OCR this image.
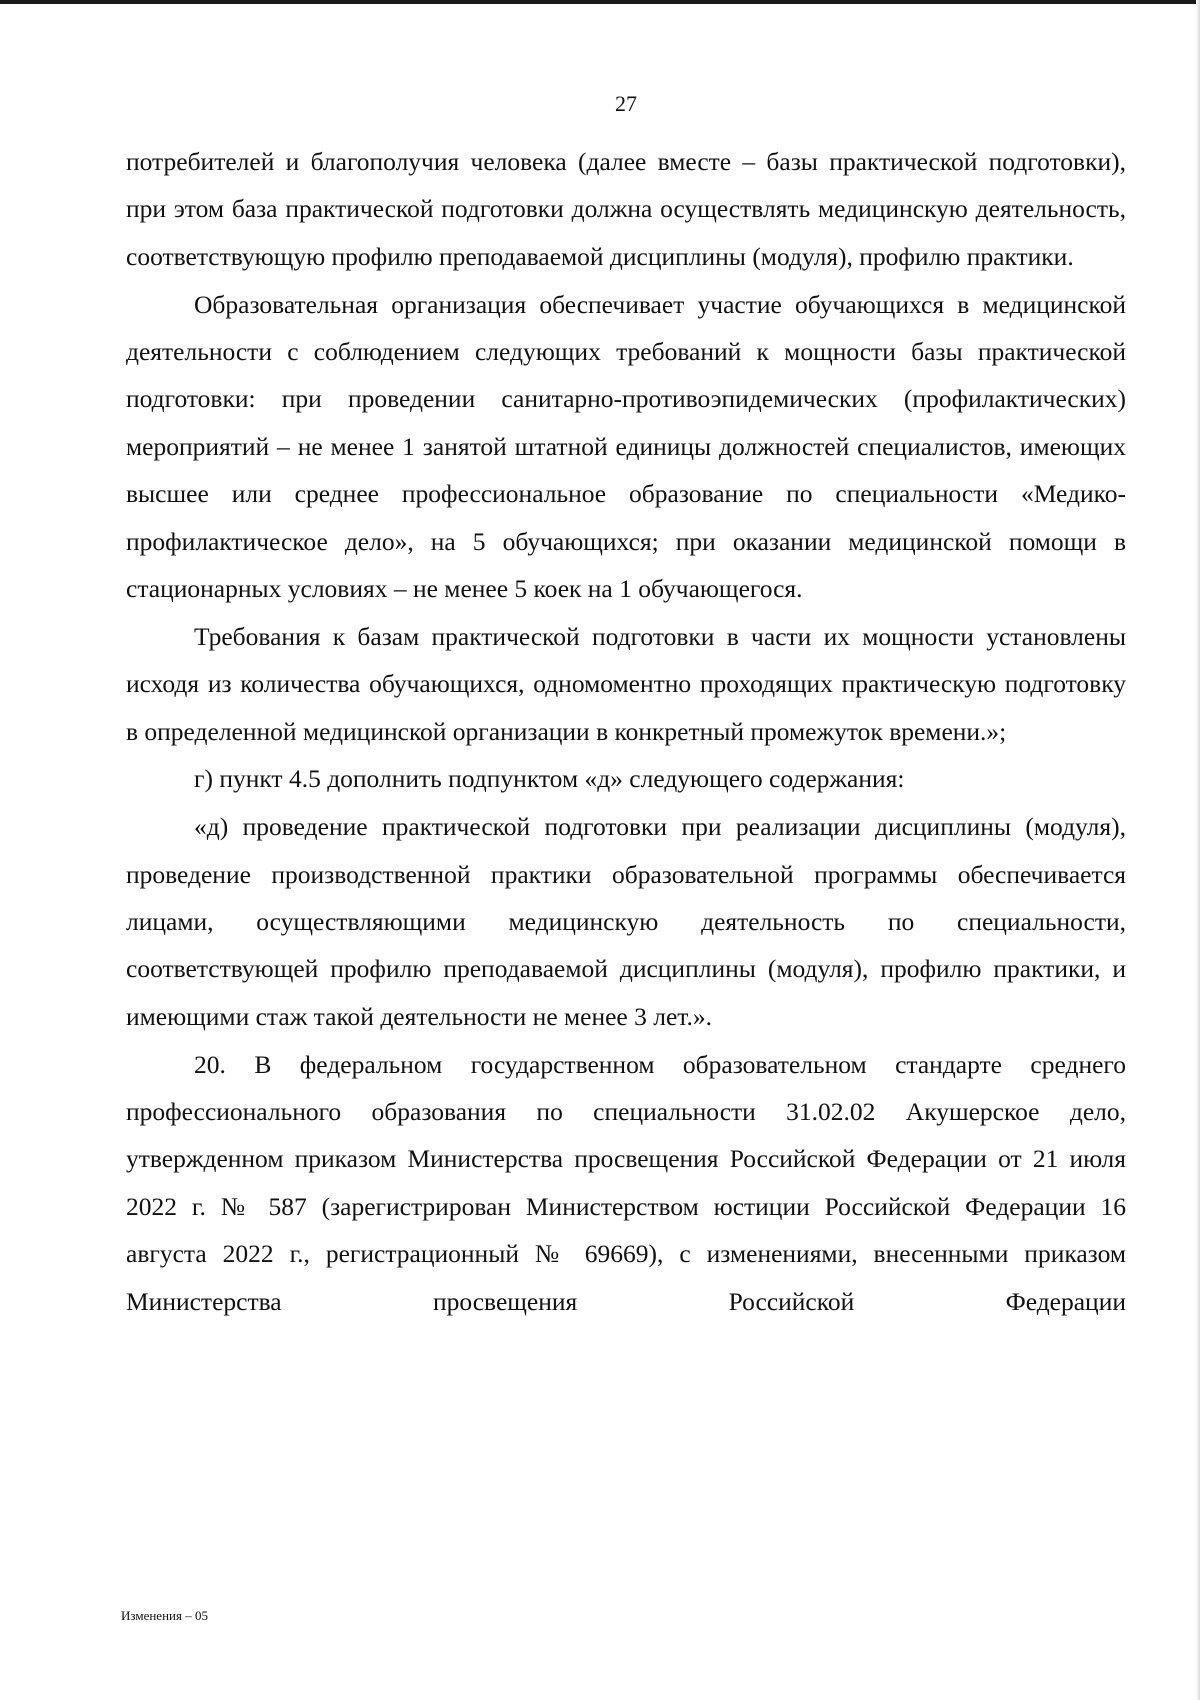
27

потребителей и благополучия человека (далее вместе – базы практической подготовки), при этом база практической подготовки должна осуществлять медицинскую деятельность, соответствующую профилю преподаваемой дисциплины (модуля), профилю практики.

Образовательная организация обеспечивает участие обучающихся в медицинской деятельности с соблюдением следующих требований к мощности базы практической подготовки: при проведении санитарно-противоэпидемических (профилактических) мероприятий – не менее 1 занятой штатной единицы должностей специалистов, имеющих высшее или среднее профессиональное образование по специальности «Медико-профилактическое дело», на 5 обучающихся; при оказании медицинской помощи в стационарных условиях – не менее 5 коек на 1 обучающегося.

Требования к базам практической подготовки в части их мощности установлены исходя из количества обучающихся, одномоментно проходящих практическую подготовку в определенной медицинской организации в конкретный промежуток времени.»;

г) пункт 4.5 дополнить подпунктом «д» следующего содержания:

«д) проведение практической подготовки при реализации дисциплины (модуля), проведение производственной практики образовательной программы обеспечивается лицами, осуществляющими медицинскую деятельность по специальности, соответствующей профилю преподаваемой дисциплины (модуля), профилю практики, и имеющими стаж такой деятельности не менее 3 лет.».

20. В федеральном государственном образовательном стандарте среднего профессионального образования по специальности 31.02.02 Акушерское дело, утвержденном приказом Министерства просвещения Российской Федерации от 21 июля 2022 г. № 587 (зарегистрирован Министерством юстиции Российской Федерации 16 августа 2022 г., регистрационный № 69669), с изменениями, внесенными приказом Министерства просвещения Российской Федерации

Изменения – 05
